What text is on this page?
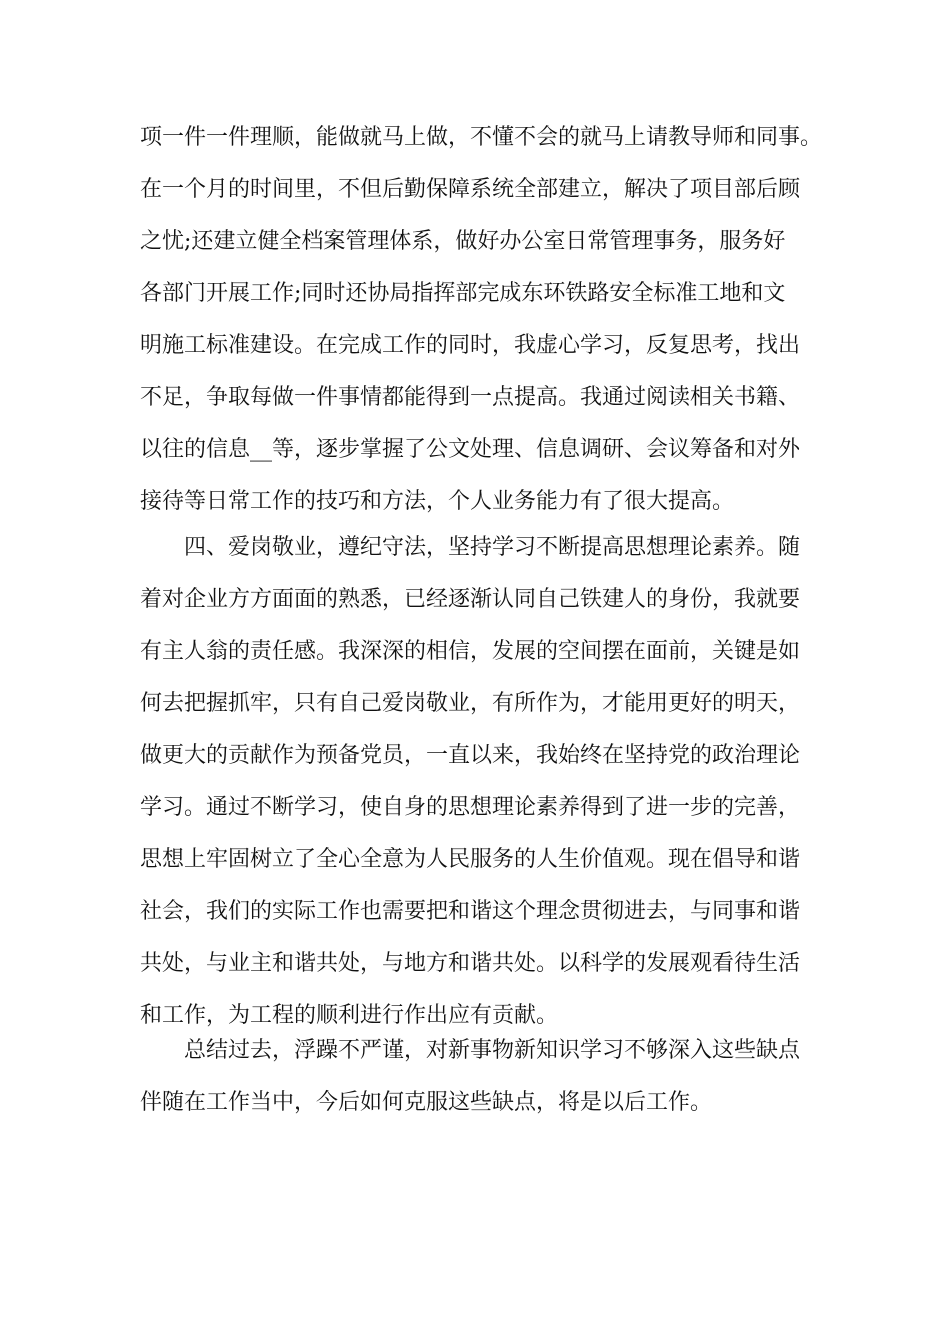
项一件一件理顺，能做就马上做，不懂不会的就马上请教导师和同事。
在一个月的时间里，不但后勤保障系统全部建立，解决了项目部后顾
之忧;还建立健全档案管理体系，做好办公室日常管理事务，服务好
各部门开展工作;同时还协局指挥部完成东环铁路安全标准工地和文
明施工标准建设。在完成工作的同时，我虚心学习，反复思考，找出
不足，争取每做一件事情都能得到一点提高。我通过阅读相关书籍、
以往的信息__等，逐步掌握了公文处理、信息调研、会议筹备和对外
接待等日常工作的技巧和方法，个人业务能力有了很大提高。
四、爱岗敬业，遵纪守法，坚持学习不断提高思想理论素养。随
着对企业方方面面的熟悉，已经逐渐认同自己铁建人的身份，我就要
有主人翁的责任感。我深深的相信，发展的空间摆在面前，关键是如
何去把握抓牢，只有自己爱岗敬业，有所作为，才能用更好的明天，
做更大的贡献作为预备党员，一直以来，我始终在坚持党的政治理论
学习。通过不断学习，使自身的思想理论素养得到了进一步的完善，
思想上牢固树立了全心全意为人民服务的人生价值观。现在倡导和谐
社会，我们的实际工作也需要把和谐这个理念贯彻进去，与同事和谐
共处，与业主和谐共处，与地方和谐共处。以科学的发展观看待生活
和工作，为工程的顺利进行作出应有贡献。
总结过去，浮躁不严谨，对新事物新知识学习不够深入这些缺点
伴随在工作当中，今后如何克服这些缺点，将是以后工作。
